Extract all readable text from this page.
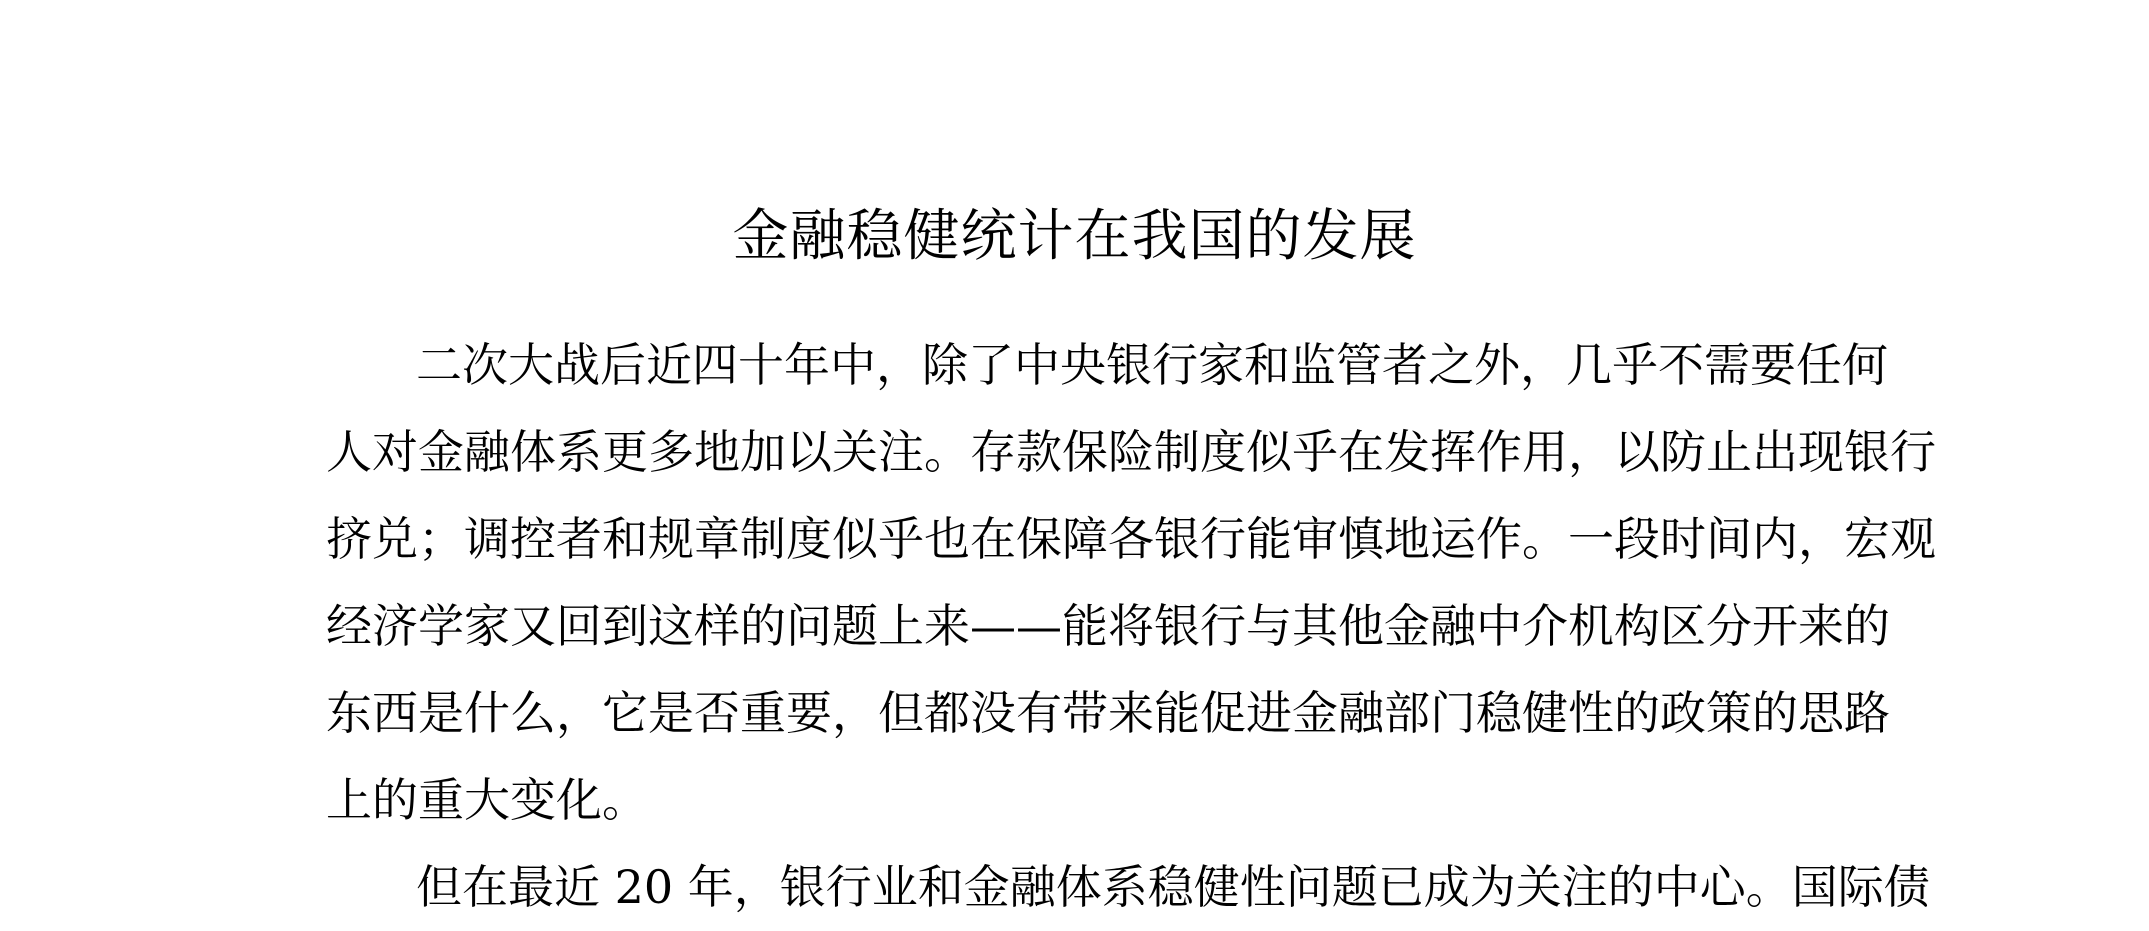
金融稳健统计在我国的发展
二次大战后近四十年中，除了中央银行家和监管者之外，几乎不需要任何
人对金融体系更多地加以关注。存款保险制度似乎在发挥作用，以防止出现银行
挤兑；调控者和规章制度似乎也在保障各银行能审慎地运作。一段时间内，宏观
经济学家又回到这样的问题上来——能将银行与其他金融中介机构区分开来的
东西是什么，它是否重要，但都没有带来能促进金融部门稳健性的政策的思路
上的重大变化。
但在最近 20 年，银行业和金融体系稳健性问题已成为关注的中心。国际债
